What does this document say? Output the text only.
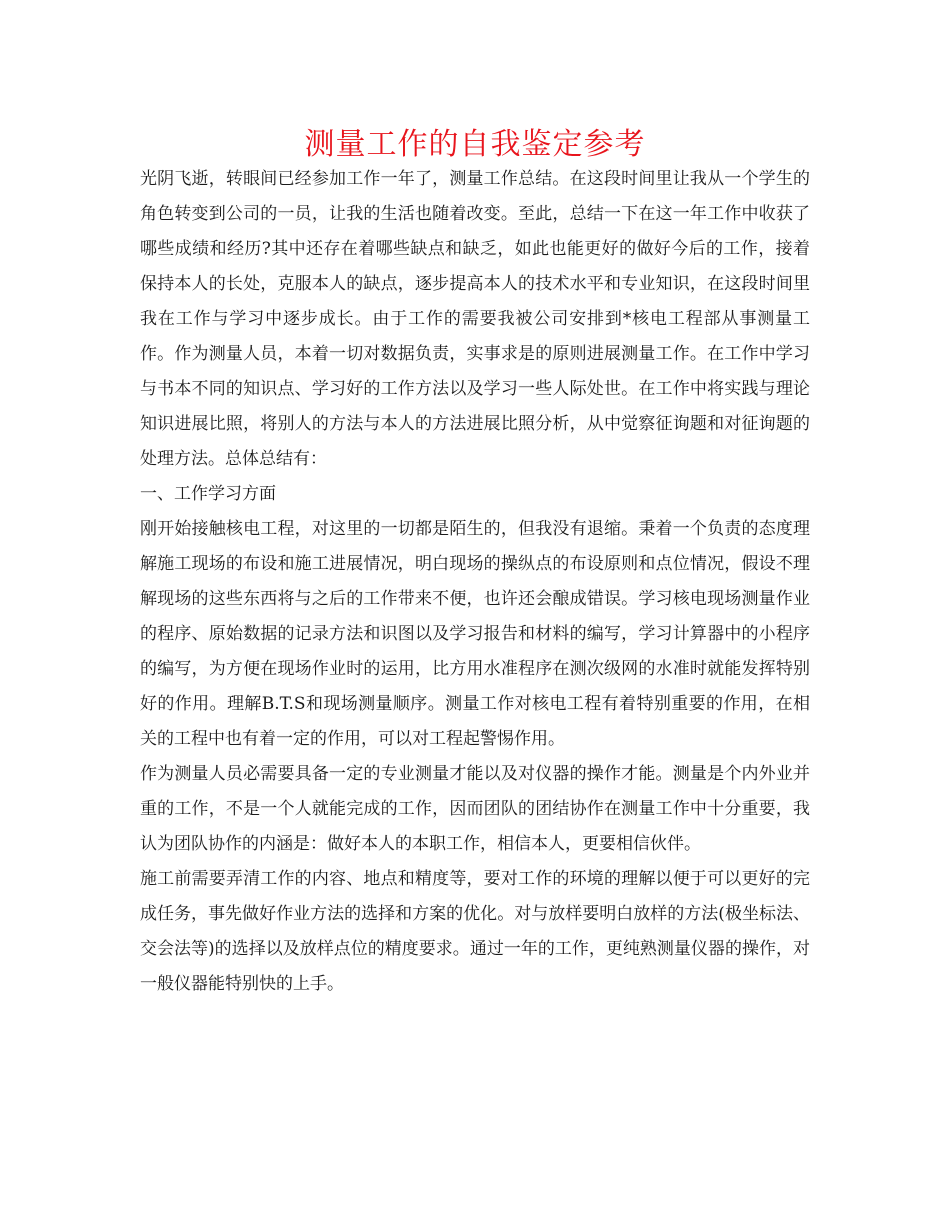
测量工作的自我鉴定参考

光阴飞逝，转眼间已经参加工作一年了，测量工作总结。在这段时间里让我从一个学生的角色转变到公司的一员，让我的生活也随着改变。至此，总结一下在这一年工作中收获了哪些成绩和经历?其中还存在着哪些缺点和缺乏，如此也能更好的做好今后的工作，接着保持本人的长处，克服本人的缺点，逐步提高本人的技术水平和专业知识，在这段时间里我在工作与学习中逐步成长。由于工作的需要我被公司安排到*核电工程部从事测量工作。作为测量人员，本着一切对数据负责，实事求是的原则进展测量工作。在工作中学习与书本不同的知识点、学习好的工作方法以及学习一些人际处世。在工作中将实践与理论知识进展比照，将别人的方法与本人的方法进展比照分析，从中觉察征询题和对征询题的处理方法。总体总结有：

一、工作学习方面

刚开始接触核电工程，对这里的一切都是陌生的，但我没有退缩。秉着一个负责的态度理解施工现场的布设和施工进展情况，明白现场的操纵点的布设原则和点位情况，假设不理解现场的这些东西将与之后的工作带来不便，也许还会酿成错误。学习核电现场测量作业的程序、原始数据的记录方法和识图以及学习报告和材料的编写，学习计算器中的小程序的编写，为方便在现场作业时的运用，比方用水准程序在测次级网的水准时就能发挥特别好的作用。理解B.T.S和现场测量顺序。测量工作对核电工程有着特别重要的作用，在相关的工程中也有着一定的作用，可以对工程起警惕作用。

作为测量人员必需要具备一定的专业测量才能以及对仪器的操作才能。测量是个内外业并重的工作，不是一个人就能完成的工作，因而团队的团结协作在测量工作中十分重要，我认为团队协作的内涵是：做好本人的本职工作，相信本人，更要相信伙伴。

施工前需要弄清工作的内容、地点和精度等，要对工作的环境的理解以便于可以更好的完成任务，事先做好作业方法的选择和方案的优化。对与放样要明白放样的方法(极坐标法、交会法等)的选择以及放样点位的精度要求。通过一年的工作，更纯熟测量仪器的操作，对一般仪器能特别快的上手。
